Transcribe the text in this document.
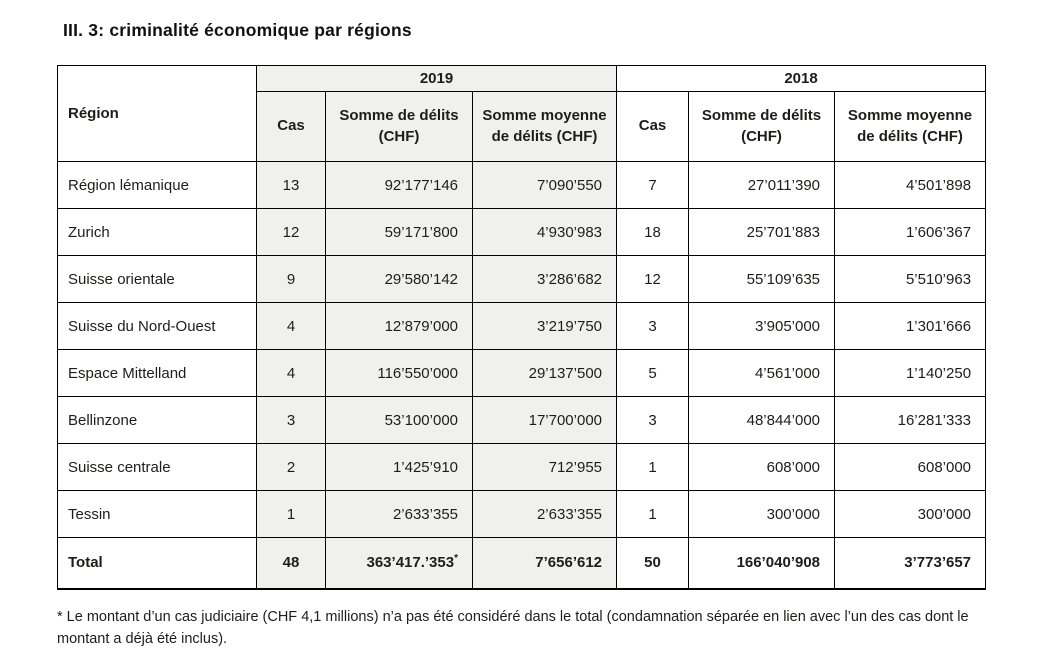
III. 3: criminalité économique par régions
Région	2019			2018		
	Cas	Somme de délits (CHF)	Somme moyenne de délits (CHF)	Cas	Somme de délits (CHF)	Somme moyenne de délits (CHF)
Région lémanique	13	92’177’146	7’090’550	7	27’011’390	4’501’898
Zurich	12	59’171’800	4’930’983	18	25’701’883	1’606’367
Suisse orientale	9	29’580’142	3’286’682	12	55’109’635	5’510’963
Suisse du Nord-Ouest	4	12’879’000	3’219’750	3	3’905’000	1’301’666
Espace Mittelland	4	116’550’000	29’137’500	5	4’561’000	1’140’250
Bellinzone	3	53’100’000	17’700’000	3	48’844’000	16’281’333
Suisse centrale	2	1’425’910	712’955	1	608’000	608’000
Tessin	1	2’633’355	2’633’355	1	300’000	300’000
Total	48	363’417.’353*	7’656’612	50	166’040’908	3’773’657
* Le montant d’un cas judiciaire (CHF 4,1 millions) n’a pas été considéré dans le total (condamnation séparée en lien avec l’un des cas dont le montant a déjà été inclus).
